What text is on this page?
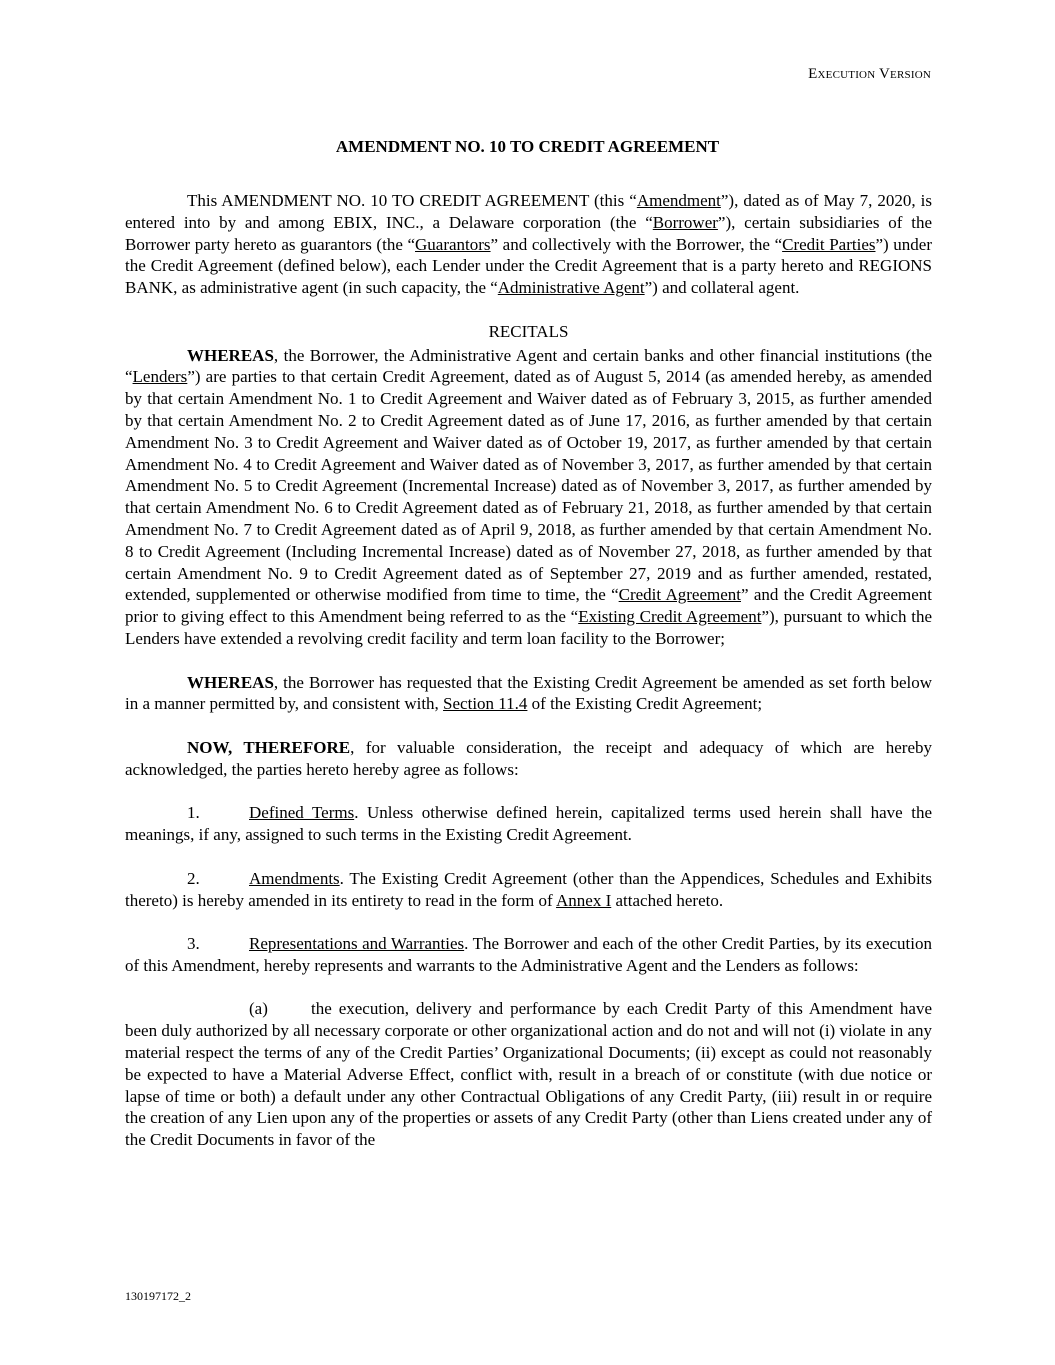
Execution Version
AMENDMENT NO. 10 TO CREDIT AGREEMENT

This AMENDMENT NO. 10 TO CREDIT AGREEMENT (this “Amendment”), dated as of May 7, 2020, is entered into by and among EBIX, INC., a Delaware corporation (the “Borrower”), certain subsidiaries of the Borrower party hereto as guarantors (the “Guarantors” and collectively with the Borrower, the “Credit Parties”) under the Credit Agreement (defined below), each Lender under the Credit Agreement that is a party hereto and REGIONS BANK, as administrative agent (in such capacity, the “Administrative Agent”) and collateral agent.

RECITALS

WHEREAS, the Borrower, the Administrative Agent and certain banks and other financial institutions (the “Lenders”) are parties to that certain Credit Agreement, dated as of August 5, 2014 (as amended hereby, as amended by that certain Amendment No. 1 to Credit Agreement and Waiver dated as of February 3, 2015, as further amended by that certain Amendment No. 2 to Credit Agreement dated as of June 17, 2016, as further amended by that certain Amendment No. 3 to Credit Agreement and Waiver dated as of October 19, 2017, as further amended by that certain Amendment No. 4 to Credit Agreement and Waiver dated as of November 3, 2017, as further amended by that certain Amendment No. 5 to Credit Agreement (Incremental Increase) dated as of November 3, 2017, as further amended by that certain Amendment No. 6 to Credit Agreement dated as of February 21, 2018, as further amended by that certain Amendment No. 7 to Credit Agreement dated as of April 9, 2018, as further amended by that certain Amendment No. 8 to Credit Agreement (Including Incremental Increase) dated as of November 27, 2018, as further amended by that certain Amendment No. 9 to Credit Agreement dated as of September 27, 2019 and as further amended, restated, extended, supplemented or otherwise modified from time to time, the “Credit Agreement” and the Credit Agreement prior to giving effect to this Amendment being referred to as the “Existing Credit Agreement”), pursuant to which the Lenders have extended a revolving credit facility and term loan facility to the Borrower;

WHEREAS, the Borrower has requested that the Existing Credit Agreement be amended as set forth below in a manner permitted by, and consistent with, Section 11.4 of the Existing Credit Agreement;

NOW, THEREFORE, for valuable consideration, the receipt and adequacy of which are hereby acknowledged, the parties hereto hereby agree as follows:

1.	Defined Terms. Unless otherwise defined herein, capitalized terms used herein shall have the meanings, if any, assigned to such terms in the Existing Credit Agreement.

2.	Amendments. The Existing Credit Agreement (other than the Appendices, Schedules and Exhibits thereto) is hereby amended in its entirety to read in the form of Annex I attached hereto.

3.	Representations and Warranties. The Borrower and each of the other Credit Parties, by its execution of this Amendment, hereby represents and warrants to the Administrative Agent and the Lenders as follows:

(a)	the execution, delivery and performance by each Credit Party of this Amendment have been duly authorized by all necessary corporate or other organizational action and do not and will not (i) violate in any material respect the terms of any of the Credit Parties’ Organizational Documents; (ii) except as could not reasonably be expected to have a Material Adverse Effect, conflict with, result in a breach of or constitute (with due notice or lapse of time or both) a default under any other Contractual Obligations of any Credit Party, (iii) result in or require the creation of any Lien upon any of the properties or assets of any Credit Party (other than Liens created under any of the Credit Documents in favor of the

130197172_2
